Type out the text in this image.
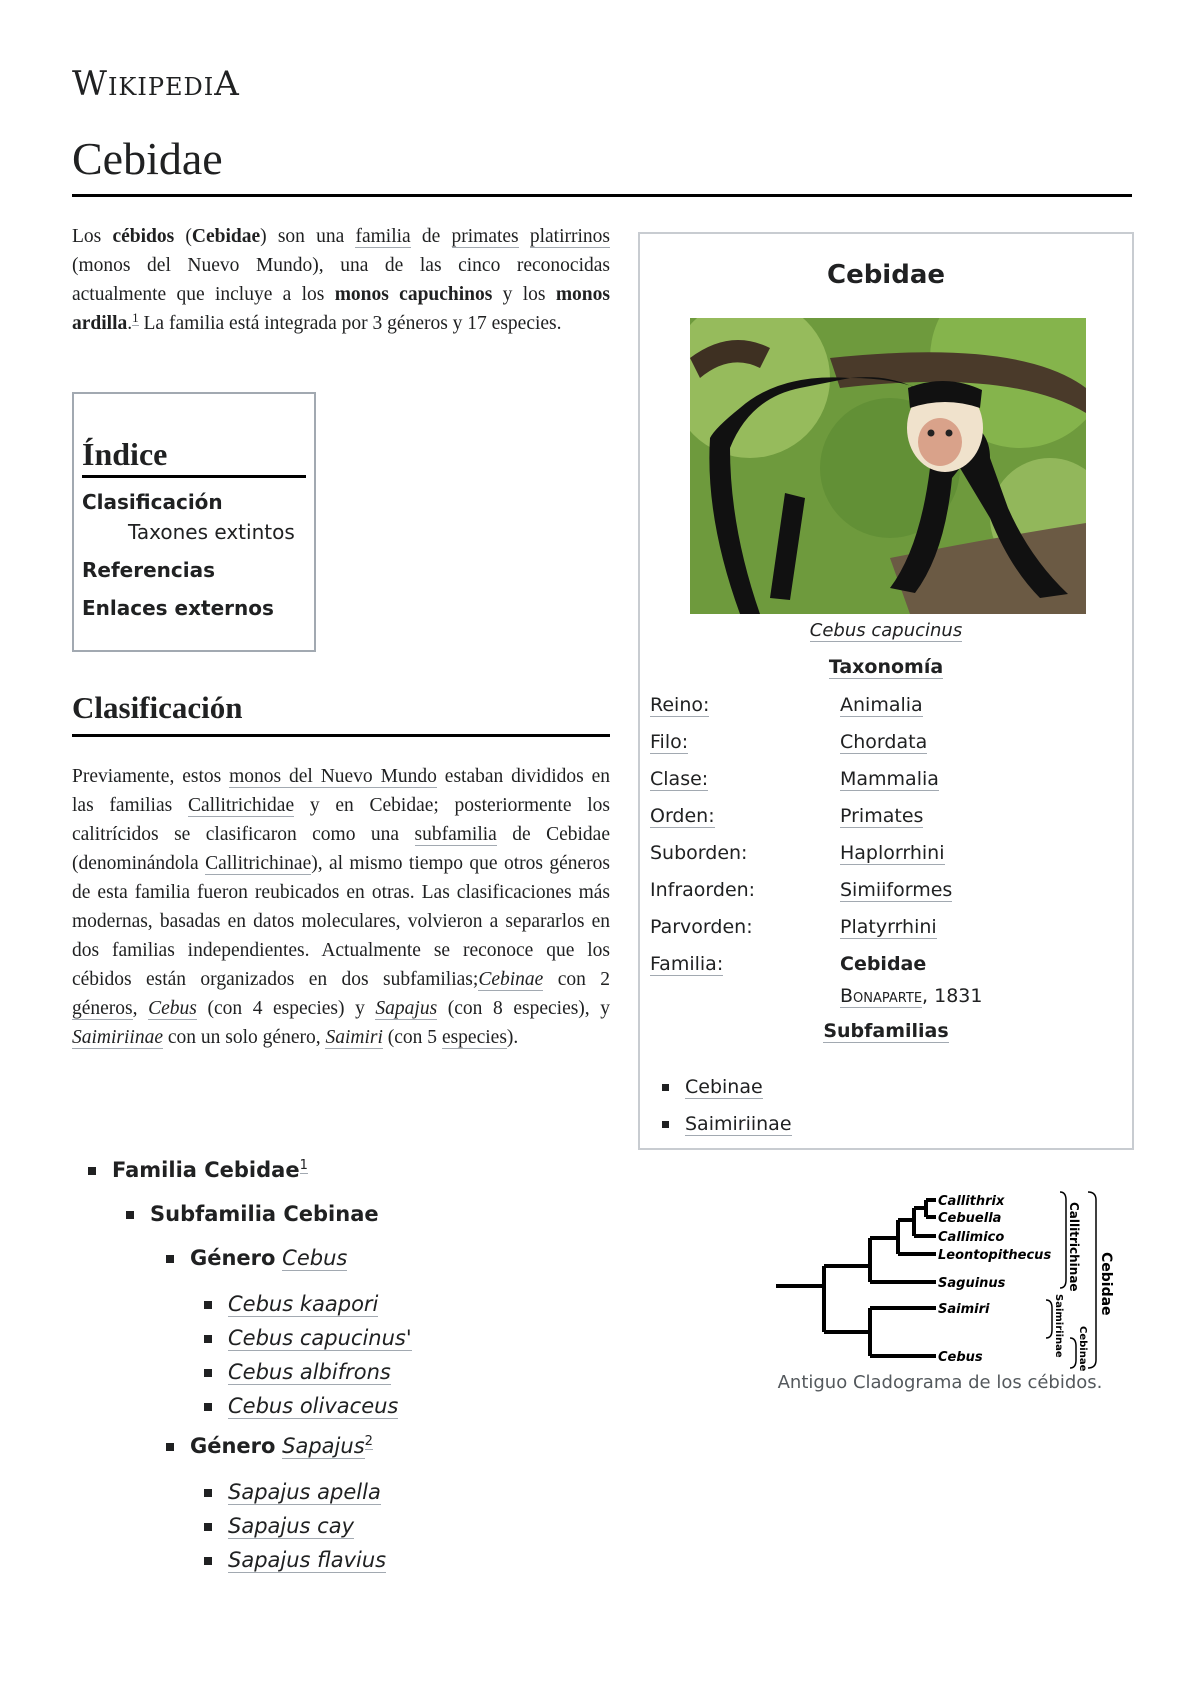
WIKIPEDIA
Cebidae

Los cébidos (Cebidae) son una familia de primates platirrinos (monos del Nuevo Mundo), una de las cinco reconocidas actualmente que incluye a los monos capuchinos y los monos ardilla.$^1$ La familia está integrada por 3 géneros y 17 especies.

Índice
Clasificación
Taxones extintos
Referencias
Enlaces externos
Clasificación

Previamente, estos monos del Nuevo Mundo estaban divididos en las familias Callitrichidae y en Cebidae; posteriormente los calitrícidos se clasificaron como una subfamilia de Cebidae (denominándola Callitrichinae), al mismo tiempo que otros géneros de esta familia fueron reubicados en otras. Las clasificaciones más modernas, basadas en datos moleculares, volvieron a separarlos en dos familias independientes. Actualmente se reconoce que los cébidos están organizados en dos subfamilias;Cebinae con 2 géneros, Cebus (con 4 especies) y Sapajus (con 8 especies), y Saimiriinae con un solo género, Saimiri (con 5 especies).

Familia Cebidae$^1$
Subfamilia Cebinae
Género Cebus
Cebus kaapori
Cebus capucinus'
Cebus albifrons
Cebus olivaceus
Género Sapajus$^2$
Sapajus apella
Sapajus cay
Sapajus flavius
Cebidae
Cebus capucinus
Taxonomía
Reino:	Animalia
Filo:	Chordata
Clase:	Mammalia
Orden:	Primates
Suborden:	Haplorrhini
Infraorden:	Simiiformes
Parvorden:	Platyrrhini
Familia:	Cebidae
Bonaparte, 1831
Subfamilias
Cebinae
Saimiriinae
Callithrix
Cebuella
Callimico
Leontopithecus
Saguinus
Saimiri
Cebus
Callitrichinae
Saimiriinae Cebinae
Cebidae
Antiguo Cladograma de los cébidos.
